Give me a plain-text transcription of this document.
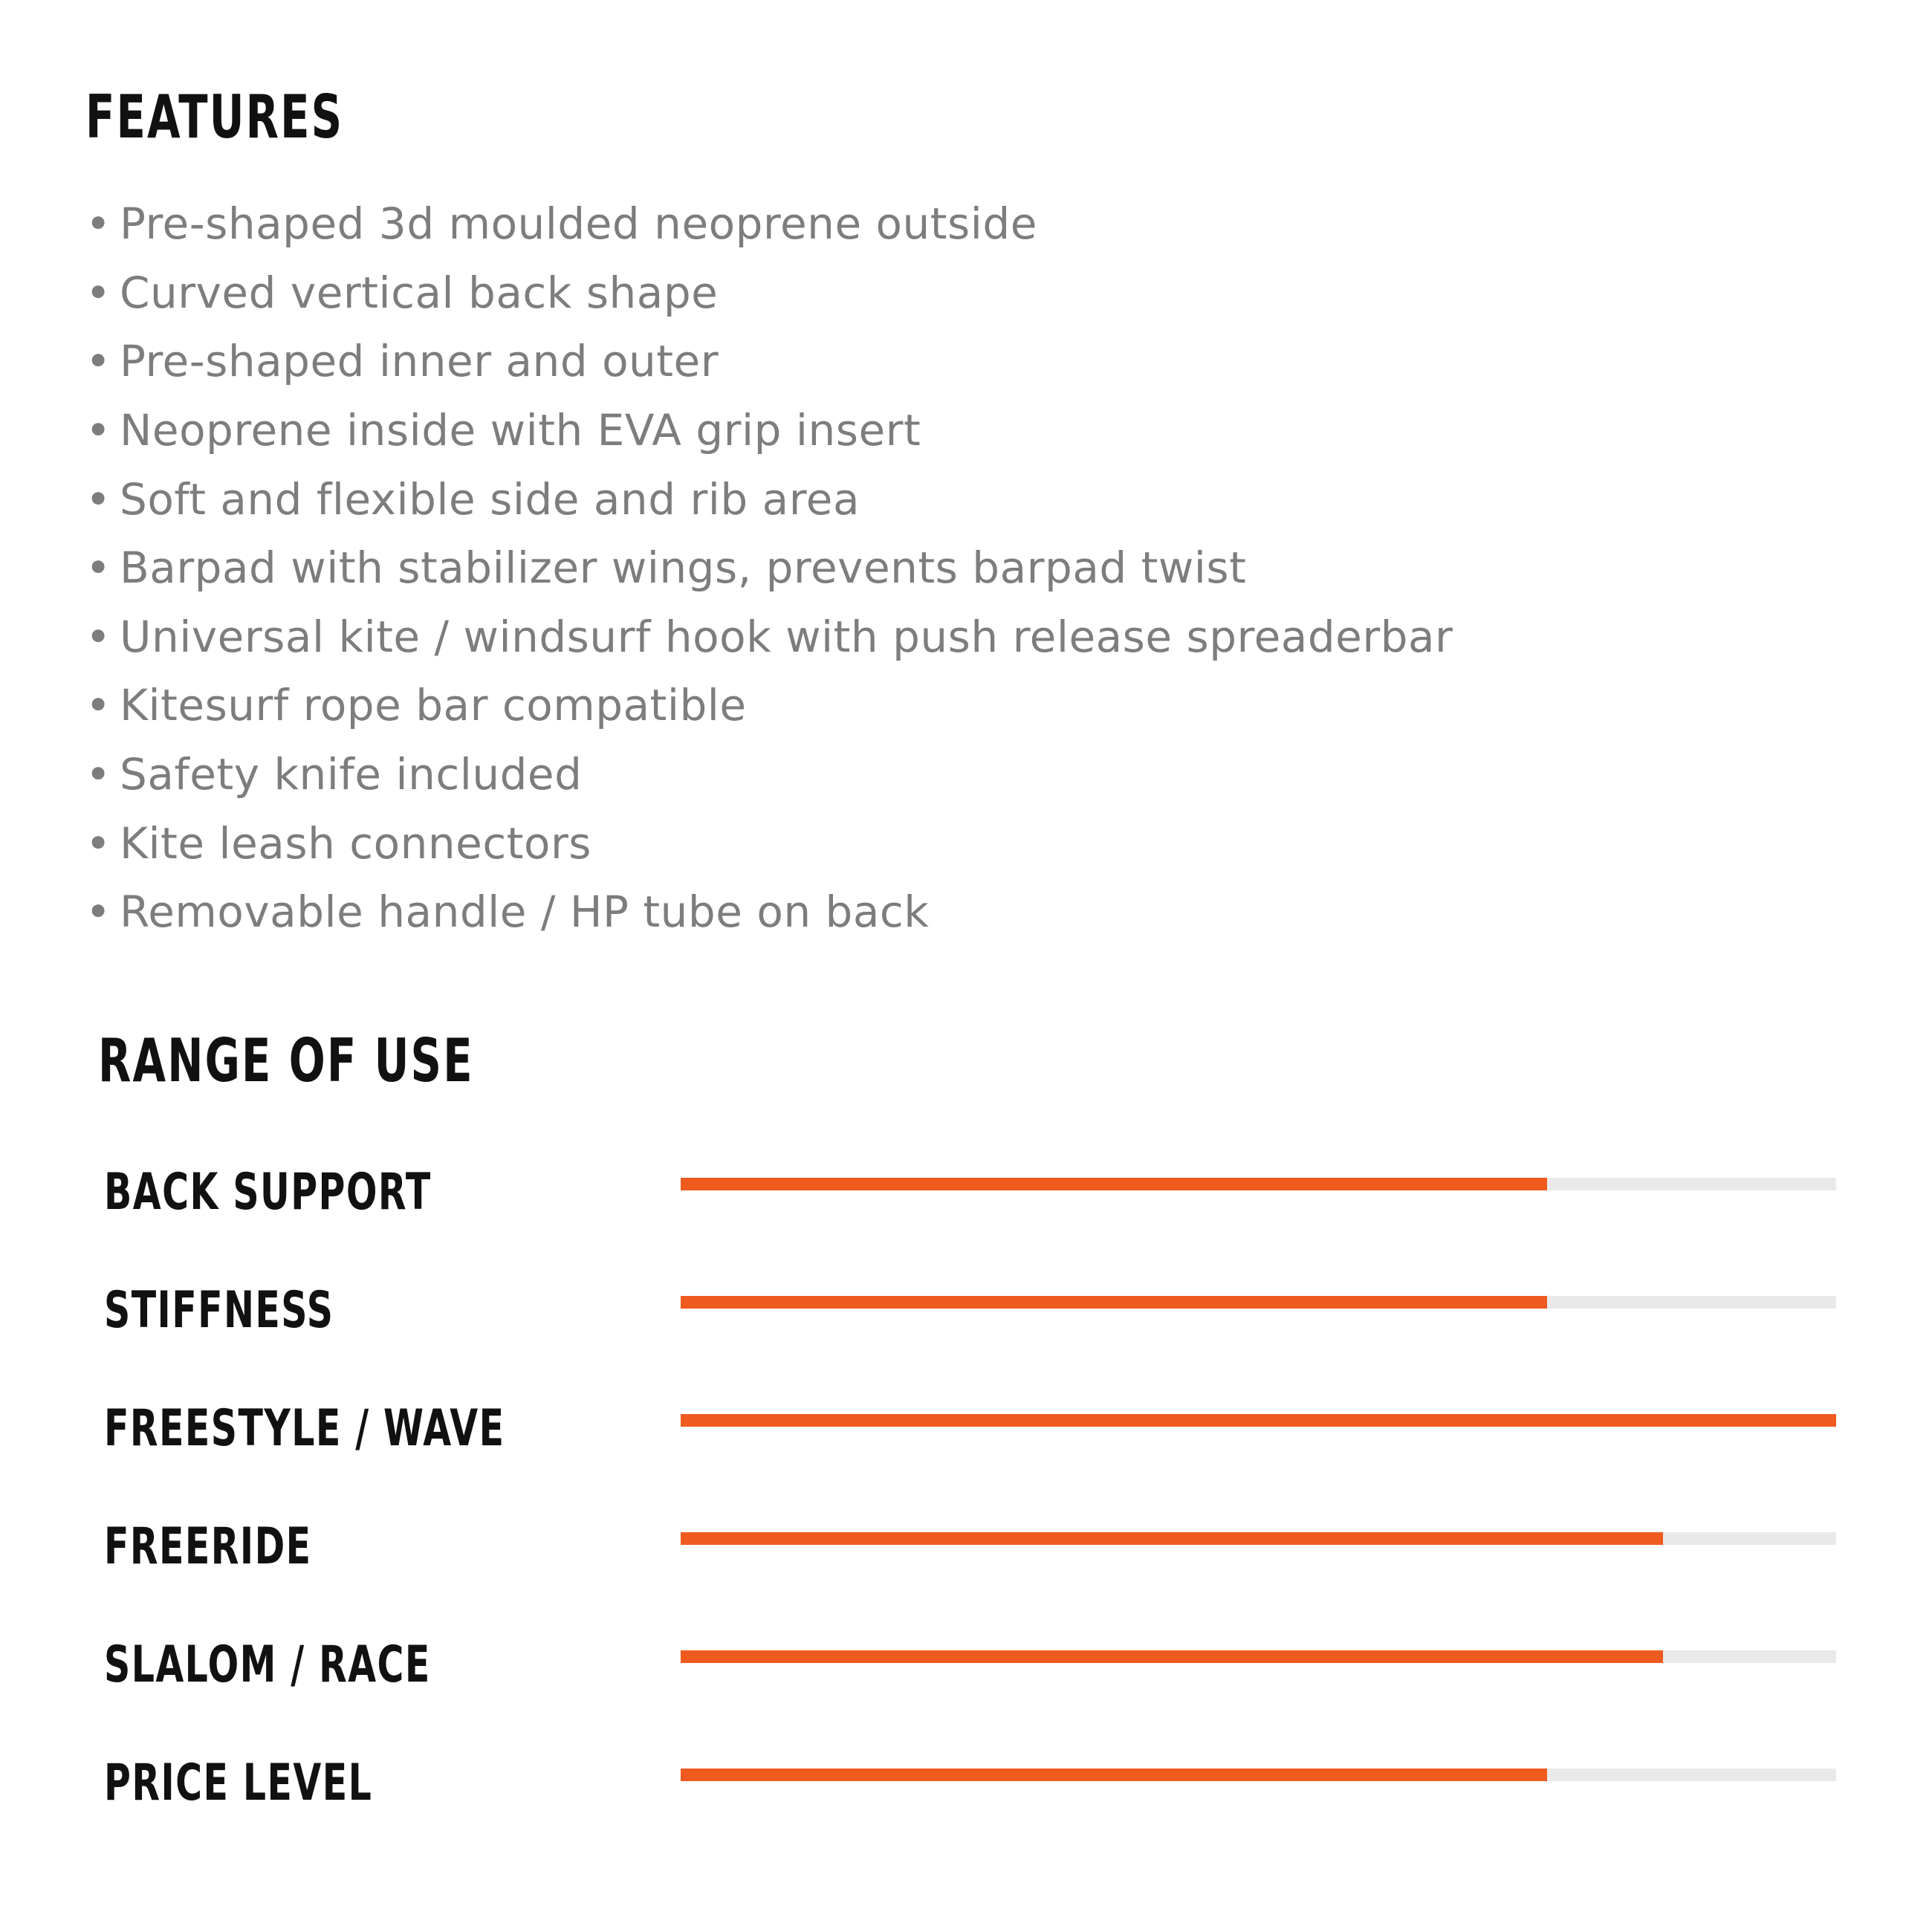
FEATURES
• Pre-shaped 3d moulded neoprene outside
• Curved vertical back shape
• Pre-shaped inner and outer
• Neoprene inside with EVA grip insert
• Soft and flexible side and rib area
• Barpad with stabilizer wings, prevents barpad twist
• Universal kite / windsurf hook with push release spreaderbar
• Kitesurf rope bar compatible
• Safety knife included
• Kite leash connectors
• Removable handle / HP tube on back
RANGE OF USE
BACK SUPPORT
STIFFNESS
FREESTYLE / WAVE
FREERIDE
SLALOM / RACE
PRICE LEVEL
